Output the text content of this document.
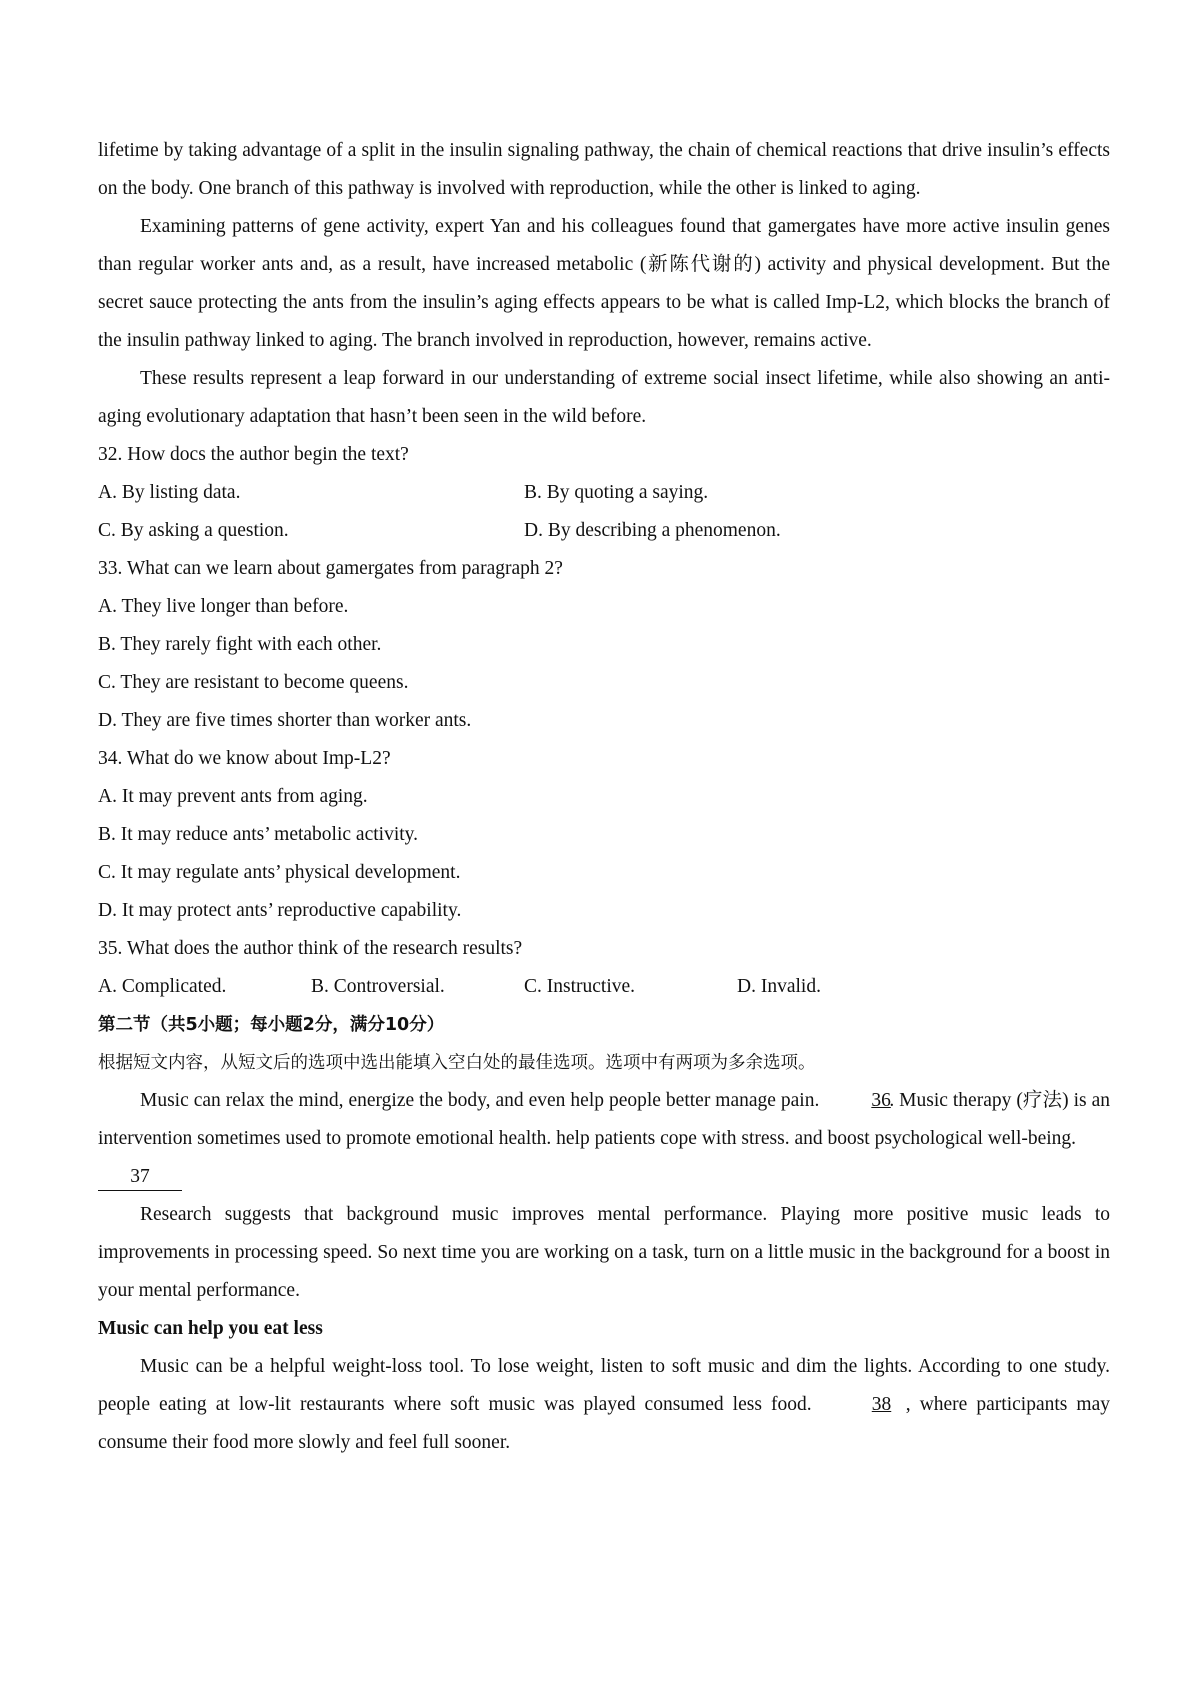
lifetime by taking advantage of a split in the insulin signaling pathway, the chain of chemical reactions that drive insulin’s effects on the body. One branch of this pathway is involved with reproduction, while the other is linked to aging.

Examining patterns of gene activity, expert Yan and his colleagues found that gamergates have more active insulin genes than regular worker ants and, as a result, have increased metabolic (新陈代谢的) activity and physical development. But the secret sauce protecting the ants from the insulin’s aging effects appears to be what is called Imp-L2, which blocks the branch of the insulin pathway linked to aging. The branch involved in reproduction, however, remains active.

These results represent a leap forward in our understanding of extreme social insect lifetime, while also showing an anti-aging evolutionary adaptation that hasn’t been seen in the wild before.

32. How docs the author begin the text?

A. By listing data.	B. By quoting a saying.
C. By asking a question.	D. By describing a phenomenon.

33. What can we learn about gamergates from paragraph 2?

A. They live longer than before.

B. They rarely fight with each other.

C. They are resistant to become queens.

D. They are five times shorter than worker ants.

34. What do we know about Imp-L2?

A. It may prevent ants from aging.

B. It may reduce ants’ metabolic activity.

C. It may regulate ants’ physical development.

D. It may protect ants’ reproductive capability.

35. What does the author think of the research results?

A. Complicated.	B. Controversial.	C. Instructive.	D. Invalid.

第二节（共5小题；每小题2分，满分10分）

根据短文内容，从短文后的选项中选出能填入空白处的最佳选项。选项中有两项为多余选项。

Music can relax the mind, energize the body, and even help people better manage pain.	36. Music therapy (疗法) is an intervention sometimes used to promote emotional health. help patients cope with stress. and boost psychological well-being.

37

Research suggests that background music improves mental performance. Playing more positive music leads to improvements in processing speed. So next time you are working on a task, turn on a little music in the background for a boost in your mental performance.

Music can help you eat less

Music can be a helpful weight-loss tool. To lose weight, listen to soft music and dim the lights. According to one study. people eating at low-lit restaurants where soft music was played consumed less food.	38 , where participants may consume their food more slowly and feel full sooner.
